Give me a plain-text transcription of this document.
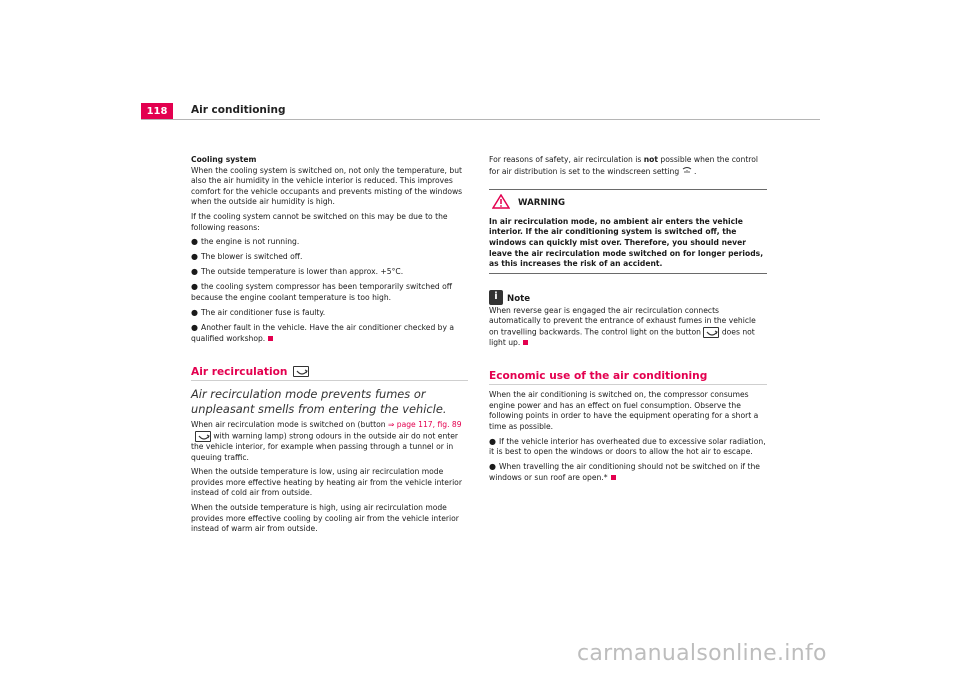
118	Air conditioning

Cooling system

When the cooling system is switched on, not only the temperature, but also the air humidity in the vehicle interior is reduced. This improves comfort for the vehicle occupants and prevents misting of the windows when the outside air humidity is high.

If the cooling system cannot be switched on this may be due to the following reasons:

● the engine is not running.
● The blower is switched off.
● The outside temperature is lower than approx. +5°C.
● the cooling system compressor has been temporarily switched off because the engine coolant temperature is too high.
● The air conditioner fuse is faulty.
● Another fault in the vehicle. Have the air conditioner checked by a qualified workshop.
Air recirculation
Air recirculation mode prevents fumes or unpleasant smells from entering the vehicle.

When air recirculation mode is switched on (button ⇒ page 117, fig. 89
with warning lamp) strong odours in the outside air do not enter the vehicle interior, for example when passing through a tunnel or in queuing traffic.

When the outside temperature is low, using air recirculation mode provides more effective heating by heating air from the vehicle interior instead of cold air from outside.

When the outside temperature is high, using air recirculation mode provides more effective cooling by cooling air from the vehicle interior instead of warm air from outside.

For reasons of safety, air recirculation is not possible when the control for air distribution is set to the windscreen setting .

WARNING
In air recirculation mode, no ambient air enters the vehicle interior. If the air conditioning system is switched off, the windows can quickly mist over. Therefore, you should never leave the air recirculation mode switched on for longer periods, as this increases the risk of an accident.
i	Note

When reverse gear is engaged the air recirculation connects automatically to prevent the entrance of exhaust fumes in the vehicle on travelling backwards. The control light on the button	does not light up.

Economic use of the air conditioning

When the air conditioning is switched on, the compressor consumes engine power and has an effect on fuel consumption. Observe the following points in order to have the equipment operating for a short a time as possible.

● If the vehicle interior has overheated due to excessive solar radiation, it is best to open the windows or doors to allow the hot air to escape.
● When travelling the air conditioning should not be switched on if the windows or sun roof are open.*
carmanualsonline.info
